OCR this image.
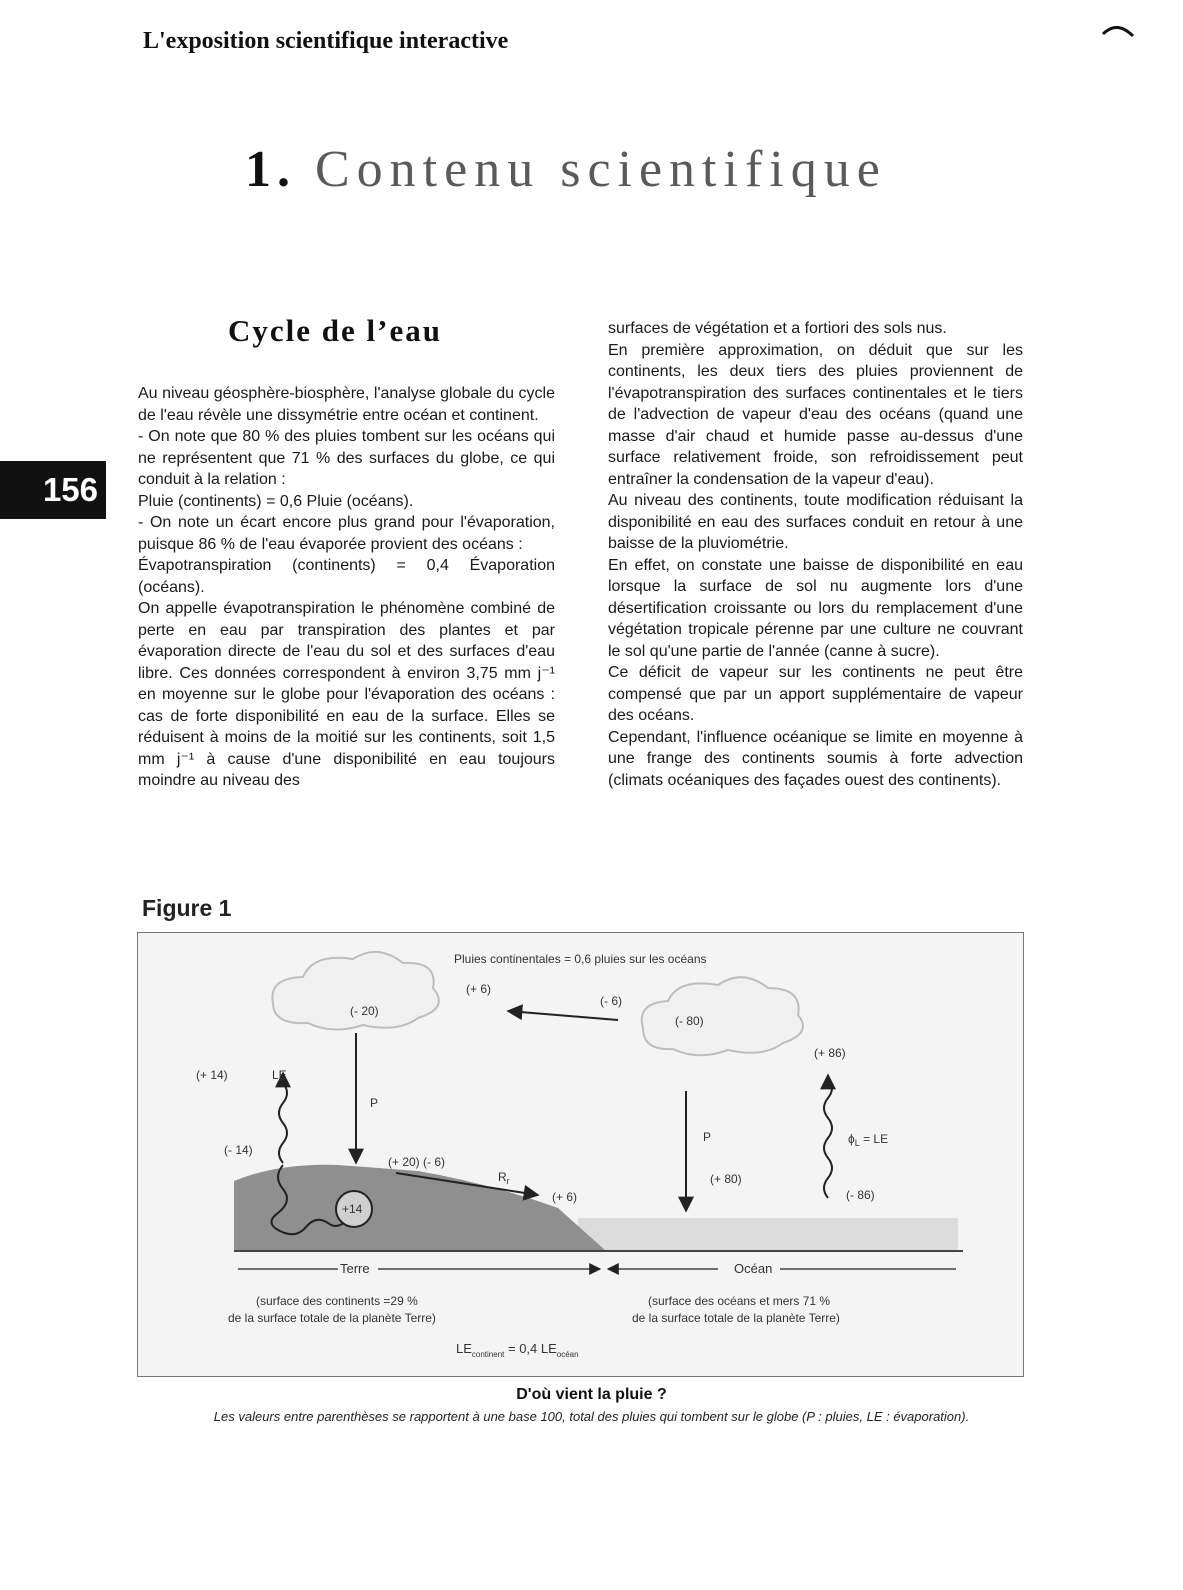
L'exposition scientifique interactive
1. Contenu scientifique
156
Cycle de l’eau

Au niveau géosphère-biosphère, l'analyse globale du cycle de l'eau révèle une dissymétrie entre océan et continent.

- On note que 80 % des pluies tombent sur les océans qui ne représentent que 71 % des surfaces du globe, ce qui conduit à la relation :

Pluie (continents) = 0,6 Pluie (océans).

- On note un écart encore plus grand pour l'évaporation, puisque 86 % de l'eau évaporée provient des océans :

Évapotranspiration (continents) = 0,4 Évaporation (océans).

On appelle évapotranspiration le phénomène combiné de perte en eau par transpiration des plantes et par évaporation directe de l'eau du sol et des surfaces d'eau libre. Ces données correspondent à environ 3,75 mm j⁻¹ en moyenne sur le globe pour l'évaporation des océans : cas de forte disponibilité en eau de la surface. Elles se réduisent à moins de la moitié sur les continents, soit 1,5 mm j⁻¹ à cause d'une disponibilité en eau toujours moindre au niveau des

surfaces de végétation et a fortiori des sols nus.

En première approximation, on déduit que sur les continents, les deux tiers des pluies proviennent de l'évapotranspiration des surfaces continentales et le tiers de l'advection de vapeur d'eau des océans (quand une masse d'air chaud et humide passe au-dessus d'une surface relativement froide, son refroidissement peut entraîner la condensation de la vapeur d'eau).

Au niveau des continents, toute modification réduisant la disponibilité en eau des surfaces conduit en retour à une baisse de la pluviométrie.

En effet, on constate une baisse de disponibilité en eau lorsque la surface de sol nu augmente lors d'une désertification croissante ou lors du remplacement d'une végétation tropicale pérenne par une culture ne couvrant le sol qu'une partie de l'année (canne à sucre).

Ce déficit de vapeur sur les continents ne peut être compensé que par un apport supplémentaire de vapeur des océans.

Cependant, l'influence océanique se limite en moyenne à une frange des continents soumis à forte advection (climats océaniques des façades ouest des continents).

Figure 1
Pluies continentales = 0,6 pluies sur les océans
(+ 6)
(- 6)
(- 20)
(- 80)
(+ 14)	LE
P
(- 14)
(+ 20) (- 6)
$R_r$
(+ 6)
+14
P
(+ 80)
(+ 86)
$\phi_L$ = LE
(- 86)
Terre	Océan
(surface des continents =29 %
de la surface totale de la planète Terre)
(surface des océans et mers 71 %
de la surface totale de la planète Terre)
$LE_{continent} = 0,4$ $LE_{océan}$
D'où vient la pluie ?
Les valeurs entre parenthèses se rapportent à une base 100, total des pluies qui tombent sur le globe (P : pluies, LE : évaporation).
